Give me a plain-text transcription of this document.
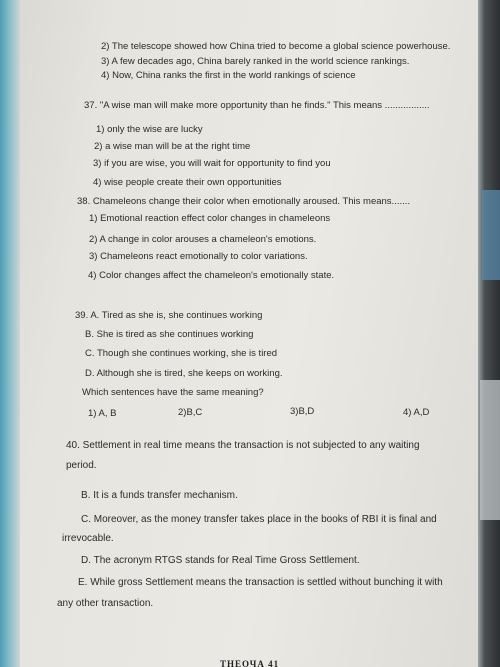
2) The telescope showed how China tried to become a global science powerhouse.
3) A few decades ago, China barely ranked in the world science rankings.
4) Now, China ranks the first in the world rankings of science
37. "A wise man will make more opportunity than he finds." This means .................
1) only the wise are lucky
2) a wise man will be at the right time
3) if you are wise, you will wait for opportunity to find you
4) wise people create their own opportunities
38. Chameleons change their color when emotionally aroused. This means.......
1) Emotional reaction effect color changes in chameleons
2) A change in color arouses a chameleon's emotions.
3) Chameleons react emotionally to color variations.
4) Color changes affect the chameleon's emotionally state.
39. A. Tired as she is, she continues working
B. She is tired as she continues working
C. Though she continues working, she is tired
D. Although she is tired, she keeps on working.
Which sentences have the same meaning?
1) A, B	2)B,C	3)B,D	4) A,D
40. Settlement in real time means the transaction is not subjected to any waiting
period.
B. It is a funds transfer mechanism.
C. Moreover, as the money transfer takes place in the books of RBI it is final and
irrevocable.
D. The acronym RTGS stands for Real Time Gross Settlement.
E. While gross Settlement means the transaction is settled without bunching it with
any other transaction.
ТНЕОЧА 41
